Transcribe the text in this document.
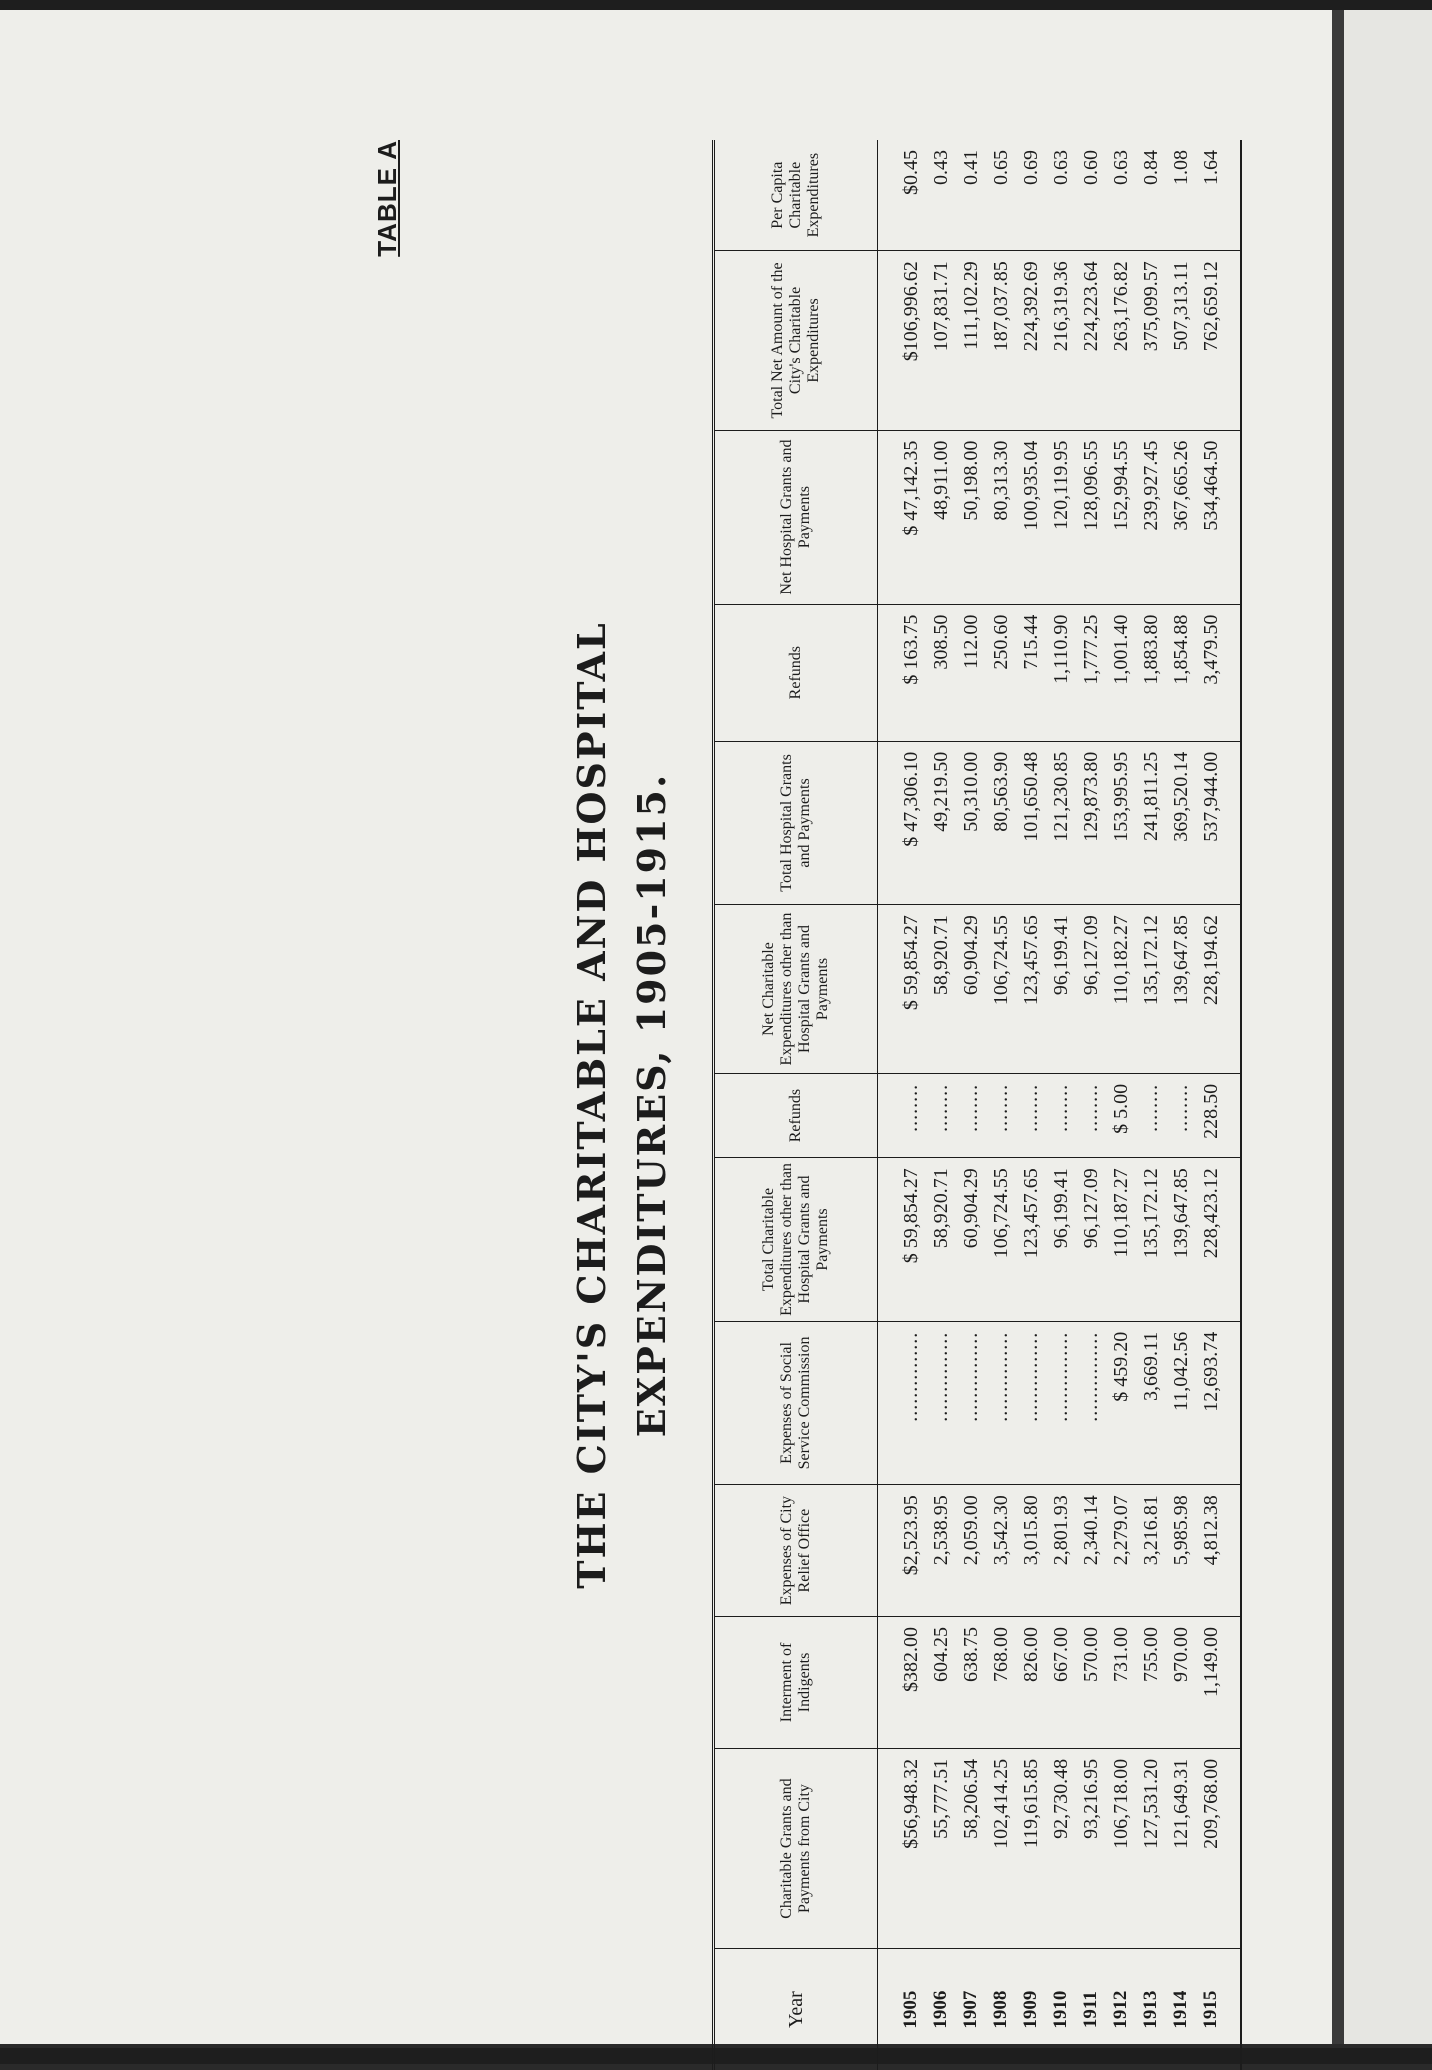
TABLE A
THE CITY'S CHARITABLE AND HOSPITAL EXPENDITURES, 1905-1915.
Year	Charitable Grants and Payments from City	Interment of Indigents	Expenses of City Relief Office	Expenses of Social Service Commission	Total Charitable Expenditures other than Hospital Grants and Payments	Refunds	Net Charitable Expenditures other than Hospital Grants and Payments	Total Hospital Grants and Payments	Refunds	Net Hospital Grants and Payments	Total Net Amount of the City's Charitable Expenditures	Per Capita Charitable Expenditures
1905	$56,948.32	$382.00	$2,523.95	...............	$ 59,854.27	........	$ 59,854.27	$ 47,306.10	$ 163.75	$ 47,142.35	$106,996.62	$0.45
1906	55,777.51	604.25	2,538.95	...............	58,920.71	........	58,920.71	49,219.50	308.50	48,911.00	107,831.71	0.43
1907	58,206.54	638.75	2,059.00	...............	60,904.29	........	60,904.29	50,310.00	112.00	50,198.00	111,102.29	0.41
1908	102,414.25	768.00	3,542.30	...............	106,724.55	........	106,724.55	80,563.90	250.60	80,313.30	187,037.85	0.65
1909	119,615.85	826.00	3,015.80	...............	123,457.65	........	123,457.65	101,650.48	715.44	100,935.04	224,392.69	0.69
1910	92,730.48	667.00	2,801.93	...............	96,199.41	........	96,199.41	121,230.85	1,110.90	120,119.95	216,319.36	0.63
1911	93,216.95	570.00	2,340.14	...............	96,127.09	........	96,127.09	129,873.80	1,777.25	128,096.55	224,223.64	0.60
1912	106,718.00	731.00	2,279.07	$ 459.20	110,187.27	$ 5.00	110,182.27	153,995.95	1,001.40	152,994.55	263,176.82	0.63
1913	127,531.20	755.00	3,216.81	3,669.11	135,172.12	........	135,172.12	241,811.25	1,883.80	239,927.45	375,099.57	0.84
1914	121,649.31	970.00	5,985.98	11,042.56	139,647.85	........	139,647.85	369,520.14	1,854.88	367,665.26	507,313.11	1.08
1915	209,768.00	1,149.00	4,812.38	12,693.74	228,423.12	228.50	228,194.62	537,944.00	3,479.50	534,464.50	762,659.12	1.64
